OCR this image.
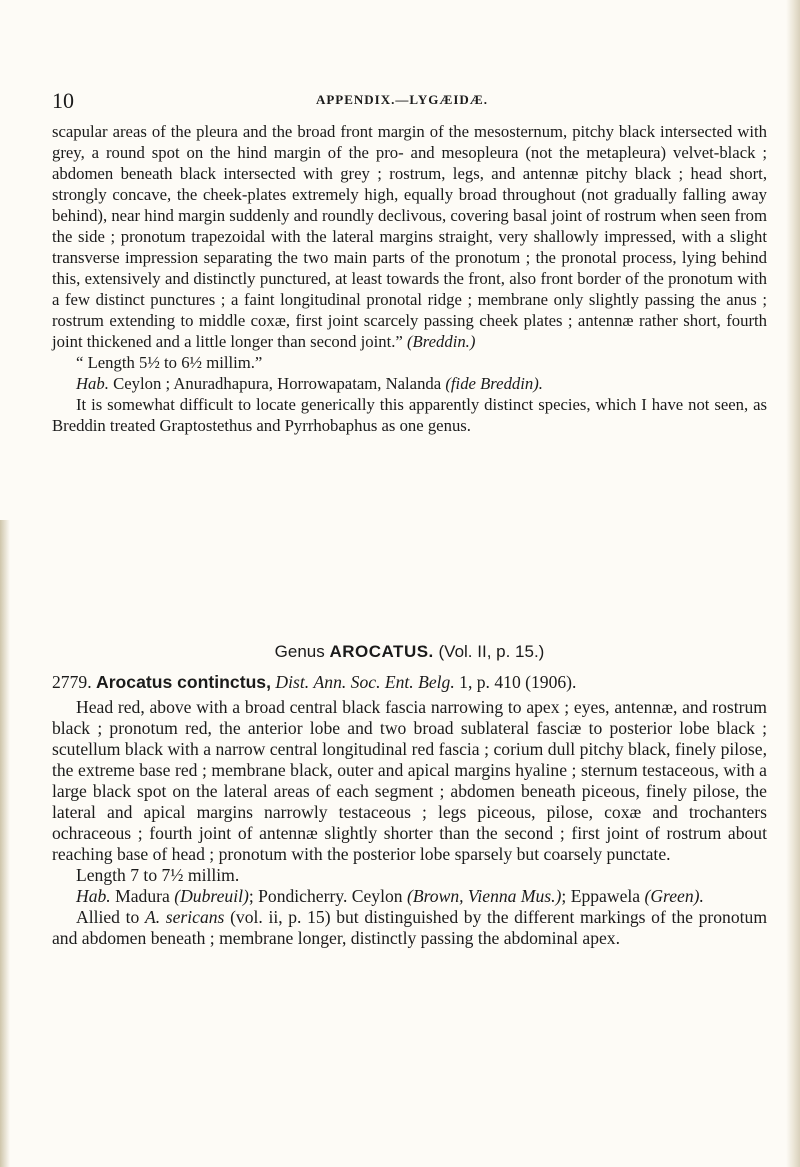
10	APPENDIX.—LYGÆIDÆ.

scapular areas of the pleura and the broad front margin of the mesosternum, pitchy black intersected with grey, a round spot on the hind margin of the pro- and mesopleura (not the metapleura) velvet-black ; abdomen beneath black intersected with grey ; rostrum, legs, and antennæ pitchy black ; head short, strongly concave, the cheek-plates extremely high, equally broad throughout (not gradually falling away behind), near hind margin suddenly and roundly declivous, covering basal joint of rostrum when seen from the side ; pronotum trapezoidal with the lateral margins straight, very shallowly impressed, with a slight transverse impression separating the two main parts of the pronotum ; the pronotal process, lying behind this, extensively and distinctly punctured, at least towards the front, also front border of the pronotum with a few distinct punctures ; a faint longitudinal pronotal ridge ; membrane only slightly passing the anus ; rostrum extending to middle coxæ, first joint scarcely passing cheek plates ; antennæ rather short, fourth joint thickened and a little longer than second joint.” (Breddin.)

“ Length 5½ to 6½ millim.”

Hab. Ceylon ; Anuradhapura, Horrowapatam, Nalanda (fide Breddin).

It is somewhat difficult to locate generically this apparently distinct species, which I have not seen, as Breddin treated Graptostethus and Pyrrhobaphus as one genus.

Genus AROCATUS. (Vol. II, p. 15.)

2779. Arocatus continctus, Dist. Ann. Soc. Ent. Belg. 1, p. 410 (1906).

Head red, above with a broad central black fascia narrowing to apex ; eyes, antennæ, and rostrum black ; pronotum red, the anterior lobe and two broad sublateral fasciæ to posterior lobe black ; scutellum black with a narrow central longitudinal red fascia ; corium dull pitchy black, finely pilose, the extreme base red ; membrane black, outer and apical margins hyaline ; sternum testaceous, with a large black spot on the lateral areas of each segment ; abdomen beneath piceous, finely pilose, the lateral and apical margins narrowly testaceous ; legs piceous, pilose, coxæ and trochanters ochraceous ; fourth joint of antennæ slightly shorter than the second ; first joint of rostrum about reaching base of head ; pronotum with the posterior lobe sparsely but coarsely punctate.

Length 7 to 7½ millim.

Hab. Madura (Dubreuil); Pondicherry. Ceylon (Brown, Vienna Mus.); Eppawela (Green).

Allied to A. sericans (vol. ii, p. 15) but distinguished by the different markings of the pronotum and abdomen beneath ; membrane longer, distinctly passing the abdominal apex.
